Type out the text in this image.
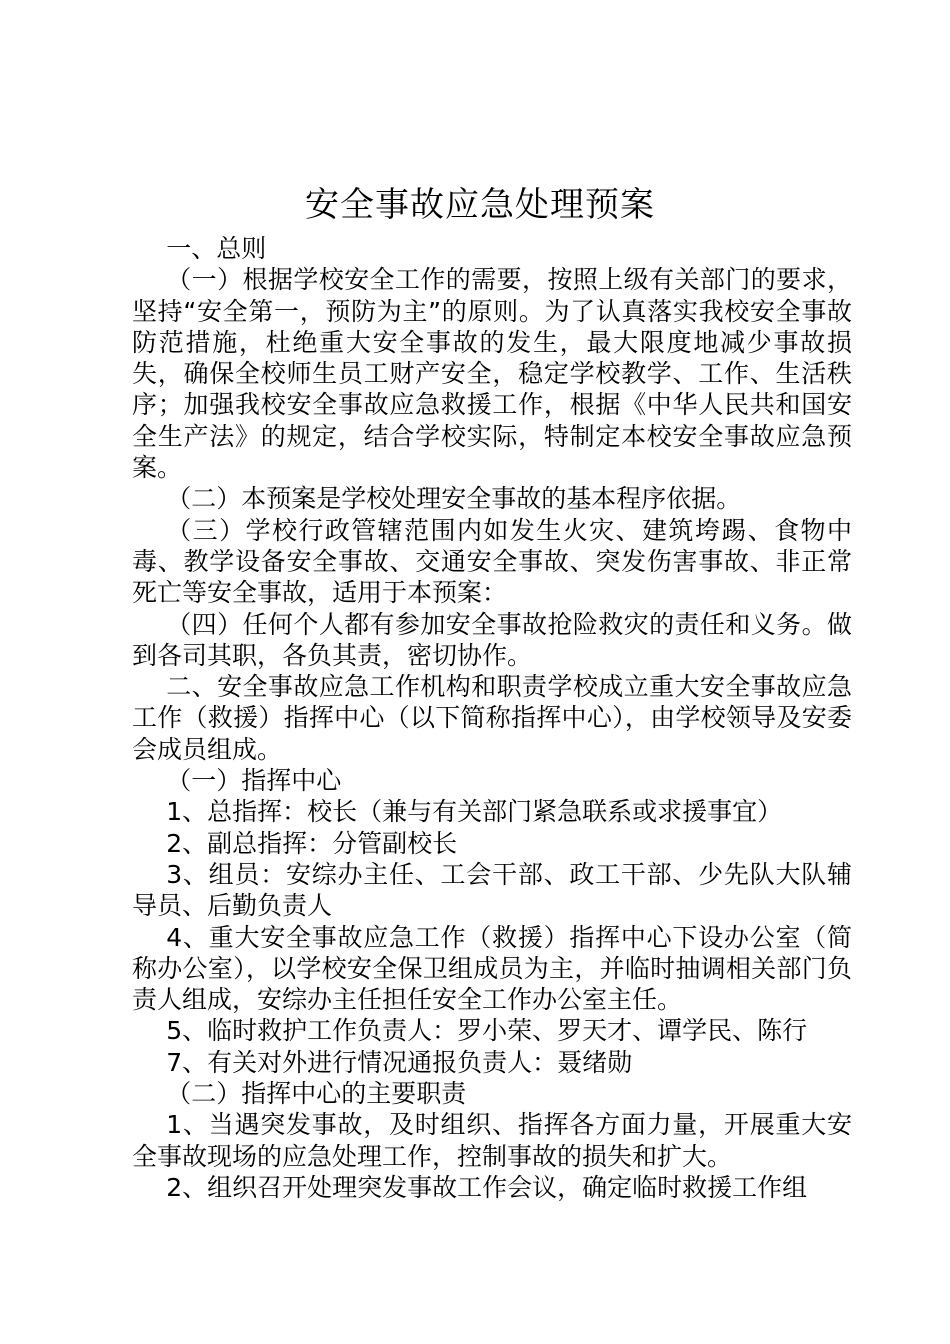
安全事故应急处理预案

一、总则

（一）根据学校安全工作的需要，按照上级有关部门的要求，坚持“安全第一，预防为主”的原则。为了认真落实我校安全事故防范措施，杜绝重大安全事故的发生，最大限度地减少事故损失，确保全校师生员工财产安全，稳定学校教学、工作、生活秩序；加强我校安全事故应急救援工作，根据《中华人民共和国安全生产法》的规定，结合学校实际，特制定本校安全事故应急预案。

（二）本预案是学校处理安全事故的基本程序依据。

（三）学校行政管辖范围内如发生火灾、建筑垮踢、食物中毒、教学设备安全事故、交通安全事故、突发伤害事故、非正常死亡等安全事故，适用于本预案：

（四）任何个人都有参加安全事故抢险救灾的责任和义务。做到各司其职，各负其责，密切协作。

二、安全事故应急工作机构和职责学校成立重大安全事故应急工作（救援）指挥中心（以下简称指挥中心），由学校领导及安委会成员组成。

（一）指挥中心

1、总指挥：校长（兼与有关部门紧急联系或求援事宜）

2、副总指挥：分管副校长

3、组员：安综办主任、工会干部、政工干部、少先队大队辅导员、后勤负责人

4、重大安全事故应急工作（救援）指挥中心下设办公室（简称办公室），以学校安全保卫组成员为主，并临时抽调相关部门负责人组成，安综办主任担任安全工作办公室主任。

5、临时救护工作负责人：罗小荣、罗天才、谭学民、陈行

7、有关对外进行情况通报负责人：聂绪勋

（二）指挥中心的主要职责

1、当遇突发事故，及时组织、指挥各方面力量，开展重大安全事故现场的应急处理工作，控制事故的损失和扩大。

2、组织召开处理突发事故工作会议，确定临时救援工作组
